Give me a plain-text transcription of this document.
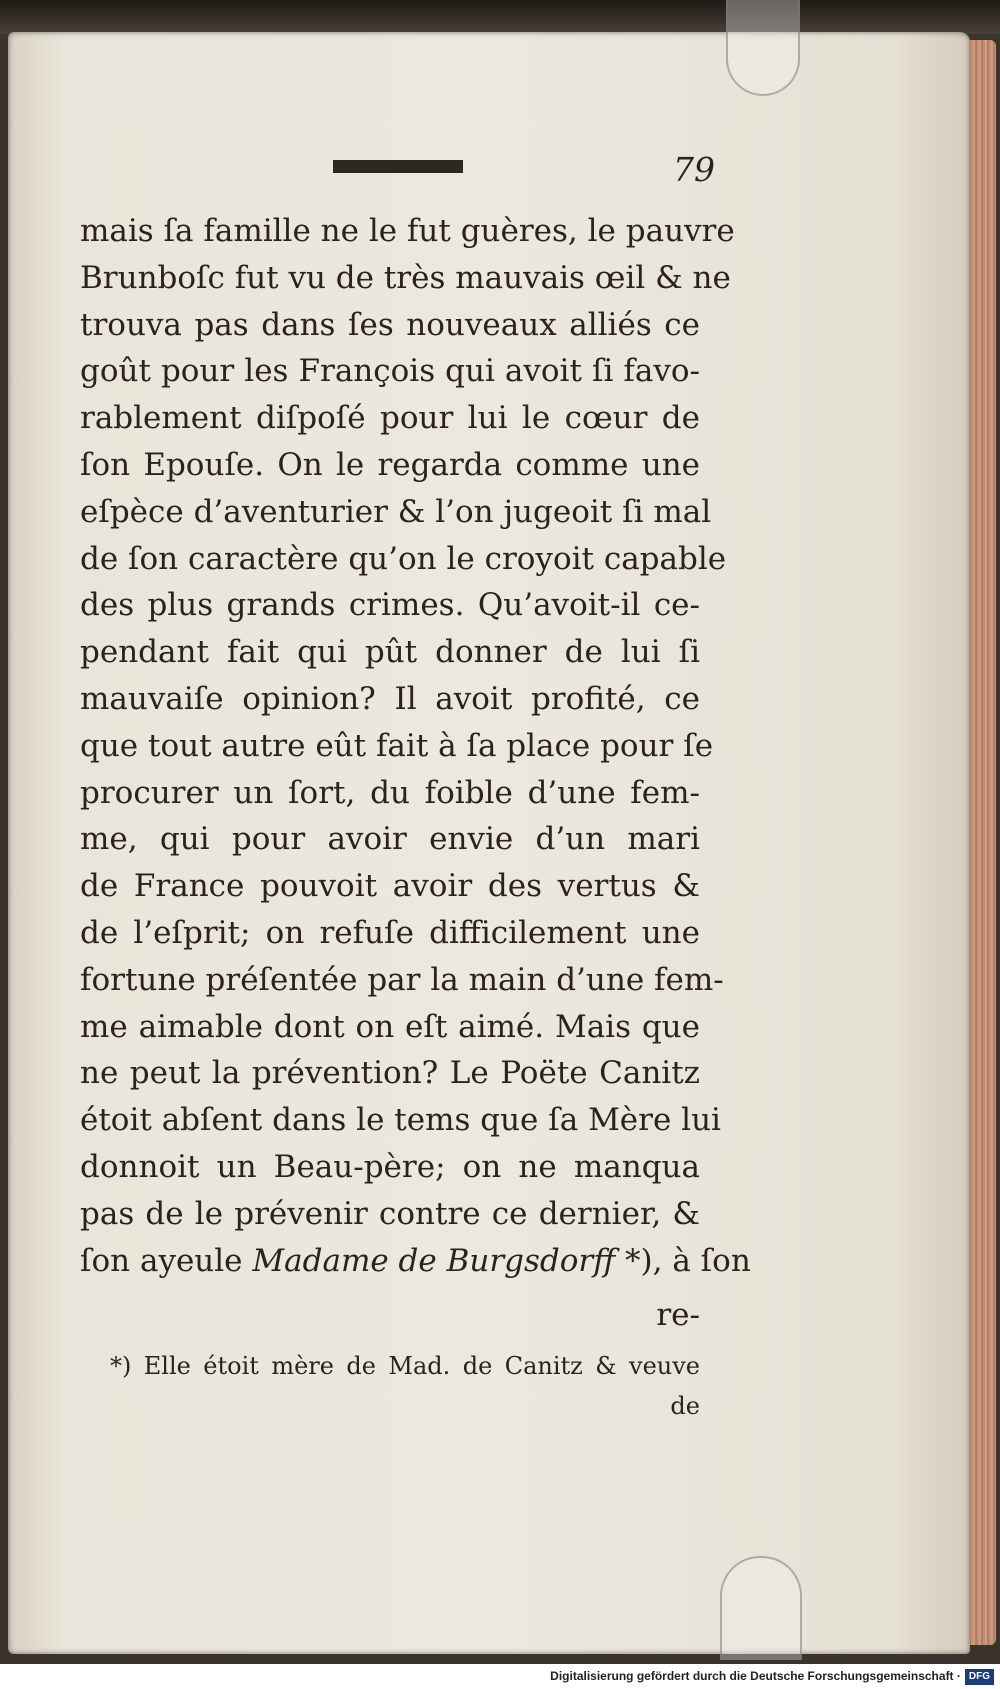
79
mais ſa famille ne le fut guères, le pauvre
Brunboſc fut vu de très mauvais œil & ne
trouva pas dans ſes nouveaux alliés ce
goût pour les François qui avoit ſi favo-
rablement diſpoſé pour lui le cœur de
ſon Epouſe. On le regarda comme une
eſpèce d’aventurier & l’on jugeoit ſi mal
de ſon caractère qu’on le croyoit capable
des plus grands crimes. Qu’avoit-il ce-
pendant fait qui pût donner de lui ſi
mauvaiſe opinion? Il avoit profité, ce
que tout autre eût fait à ſa place pour ſe
procurer un ſort, du foible d’une fem-
me, qui pour avoir envie d’un mari
de France pouvoit avoir des vertus &
de l’eſprit; on refuſe difficilement une
fortune préſentée par la main d’une fem-
me aimable dont on eſt aimé. Mais que
ne peut la prévention? Le Poëte Canitz
étoit abſent dans le tems que ſa Mère lui
donnoit un Beau-père; on ne manqua
pas de le prévenir contre ce dernier, &
ſon ayeule Madame de Burgsdorff *), à ſon
re-
*) Elle étoit mère de Mad. de Canitz & veuve
de
Digitalisierung gefördert durch die Deutsche Forschungsgemeinschaft · DFG
